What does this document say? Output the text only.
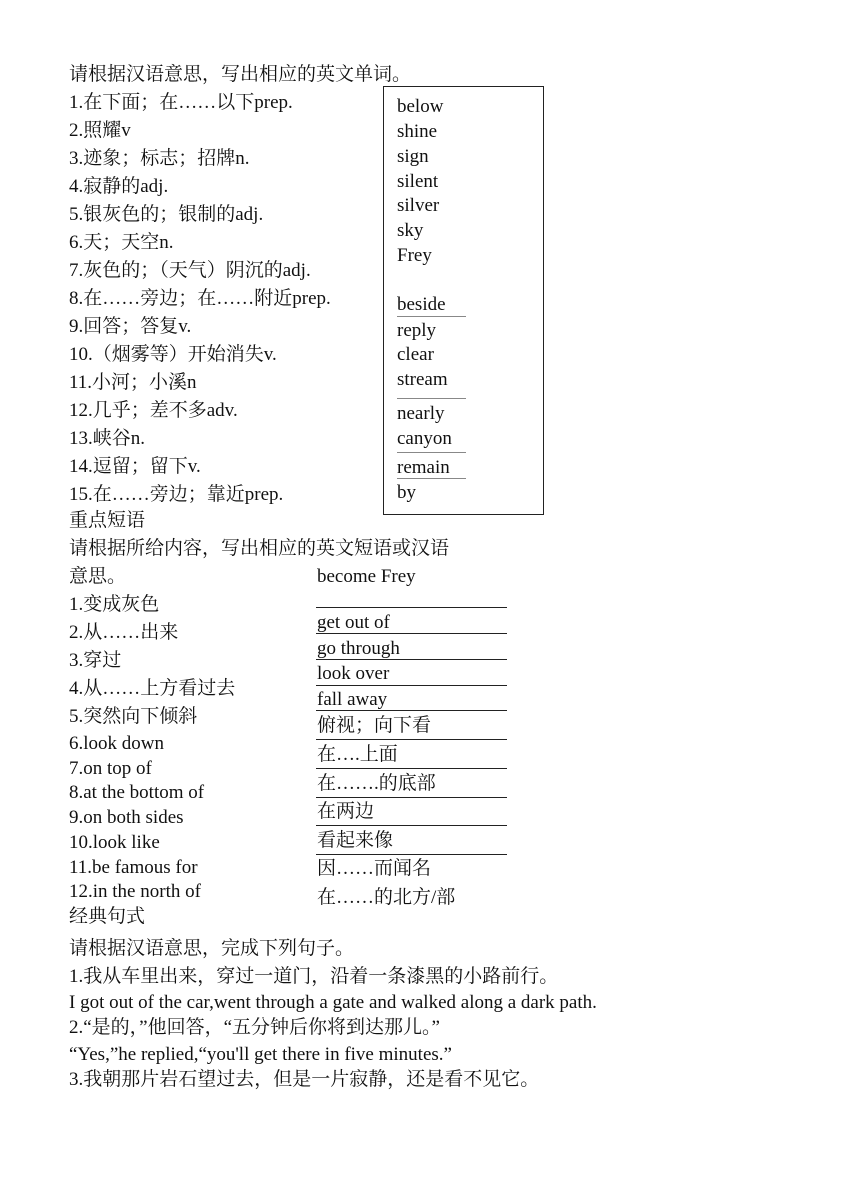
请根据汉语意思，写出相应的英文单词。
1.在下面；在……以下prep.
2.照耀v
3.迹象；标志；招牌n.
4.寂静的adj.
5.银灰色的；银制的adj.
6.天；天空n.
7.灰色的；（天气）阴沉的adj.
8.在……旁边；在……附近prep.
9.回答；答复v.
10.（烟雾等）开始消失v.
11.小河；小溪n
12.几乎；差不多adv.
13.峡谷n.
14.逗留；留下v.
15.在……旁边；靠近prep.
below
shine
sign
silent
silver
sky
Frey
beside
reply
clear
stream
nearly
canyon
remain
by
重点短语
请根据所给内容，写出相应的英文短语或汉语
意思。
1.变成灰色
2.从……出来
3.穿过
4.从……上方看过去
5.突然向下倾斜
6.look down
7.on top of
8.at the bottom of
9.on both sides
10.look like
11.be famous for
12.in the north of
become Frey
get out of
go through
look over
fall away
俯视；向下看
在….上面
在…….的底部
在两边
看起来像
因……而闻名
在……的北方/部
经典句式
请根据汉语意思，完成下列句子。
1.我从车里出来，穿过一道门，沿着一条漆黑的小路前行。
I got out of the car,went through a gate and walked along a dark path.
2.“是的，”他回答，“五分钟后你将到达那儿。”
“Yes,”he replied,“you'll get there in five minutes.”
3.我朝那片岩石望过去，但是一片寂静，还是看不见它。
